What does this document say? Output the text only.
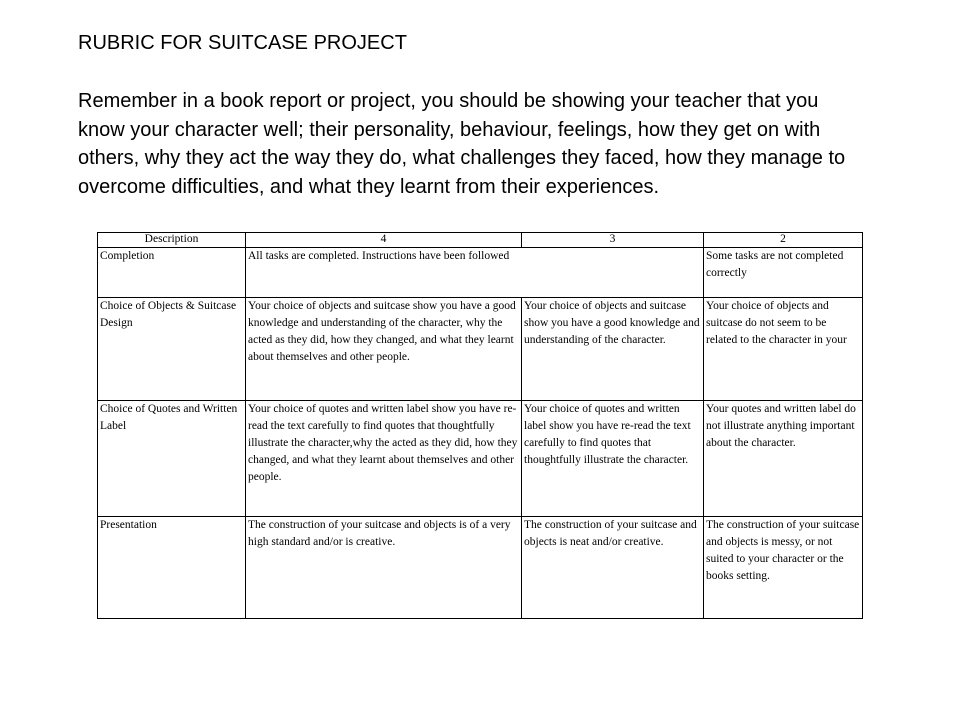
RUBRIC FOR SUITCASE PROJECT

Remember in a book report or project, you should be showing your teacher that you know your character well; their personality, behaviour, feelings, how they get on with others, why they act the way they do, what challenges they faced, how they manage to overcome difficulties, and what they learnt from their experiences.

Description	4	3	2
Completion	All tasks are completed. Instructions have been followed		Some tasks are not completed correctly
Choice of Objects & Suitcase Design	Your choice of objects and suitcase show you have a good knowledge and understanding of the character, why the acted as they did, how they changed, and what they learnt about themselves and other people.	Your choice of objects and suitcase show you have a good knowledge and understanding of the character.	Your choice of objects and suitcase do not seem to be related to the character in your
Choice of Quotes and Written Label	Your choice of quotes and written label show you have re-read the text carefully to find quotes that thoughtfully illustrate the character,why the acted as they did, how they changed, and what they learnt about themselves and other people.	Your choice of quotes and written label show you have re-read the text carefully to find quotes that thoughtfully illustrate the character.	Your quotes and written label do not illustrate anything important about the character.
Presentation	The construction of your suitcase and objects is of a very high standard and/or is creative.	The construction of your suitcase and objects is neat and/or creative.	The construction of your suitcase and objects is messy, or not suited to your character or the books setting.
